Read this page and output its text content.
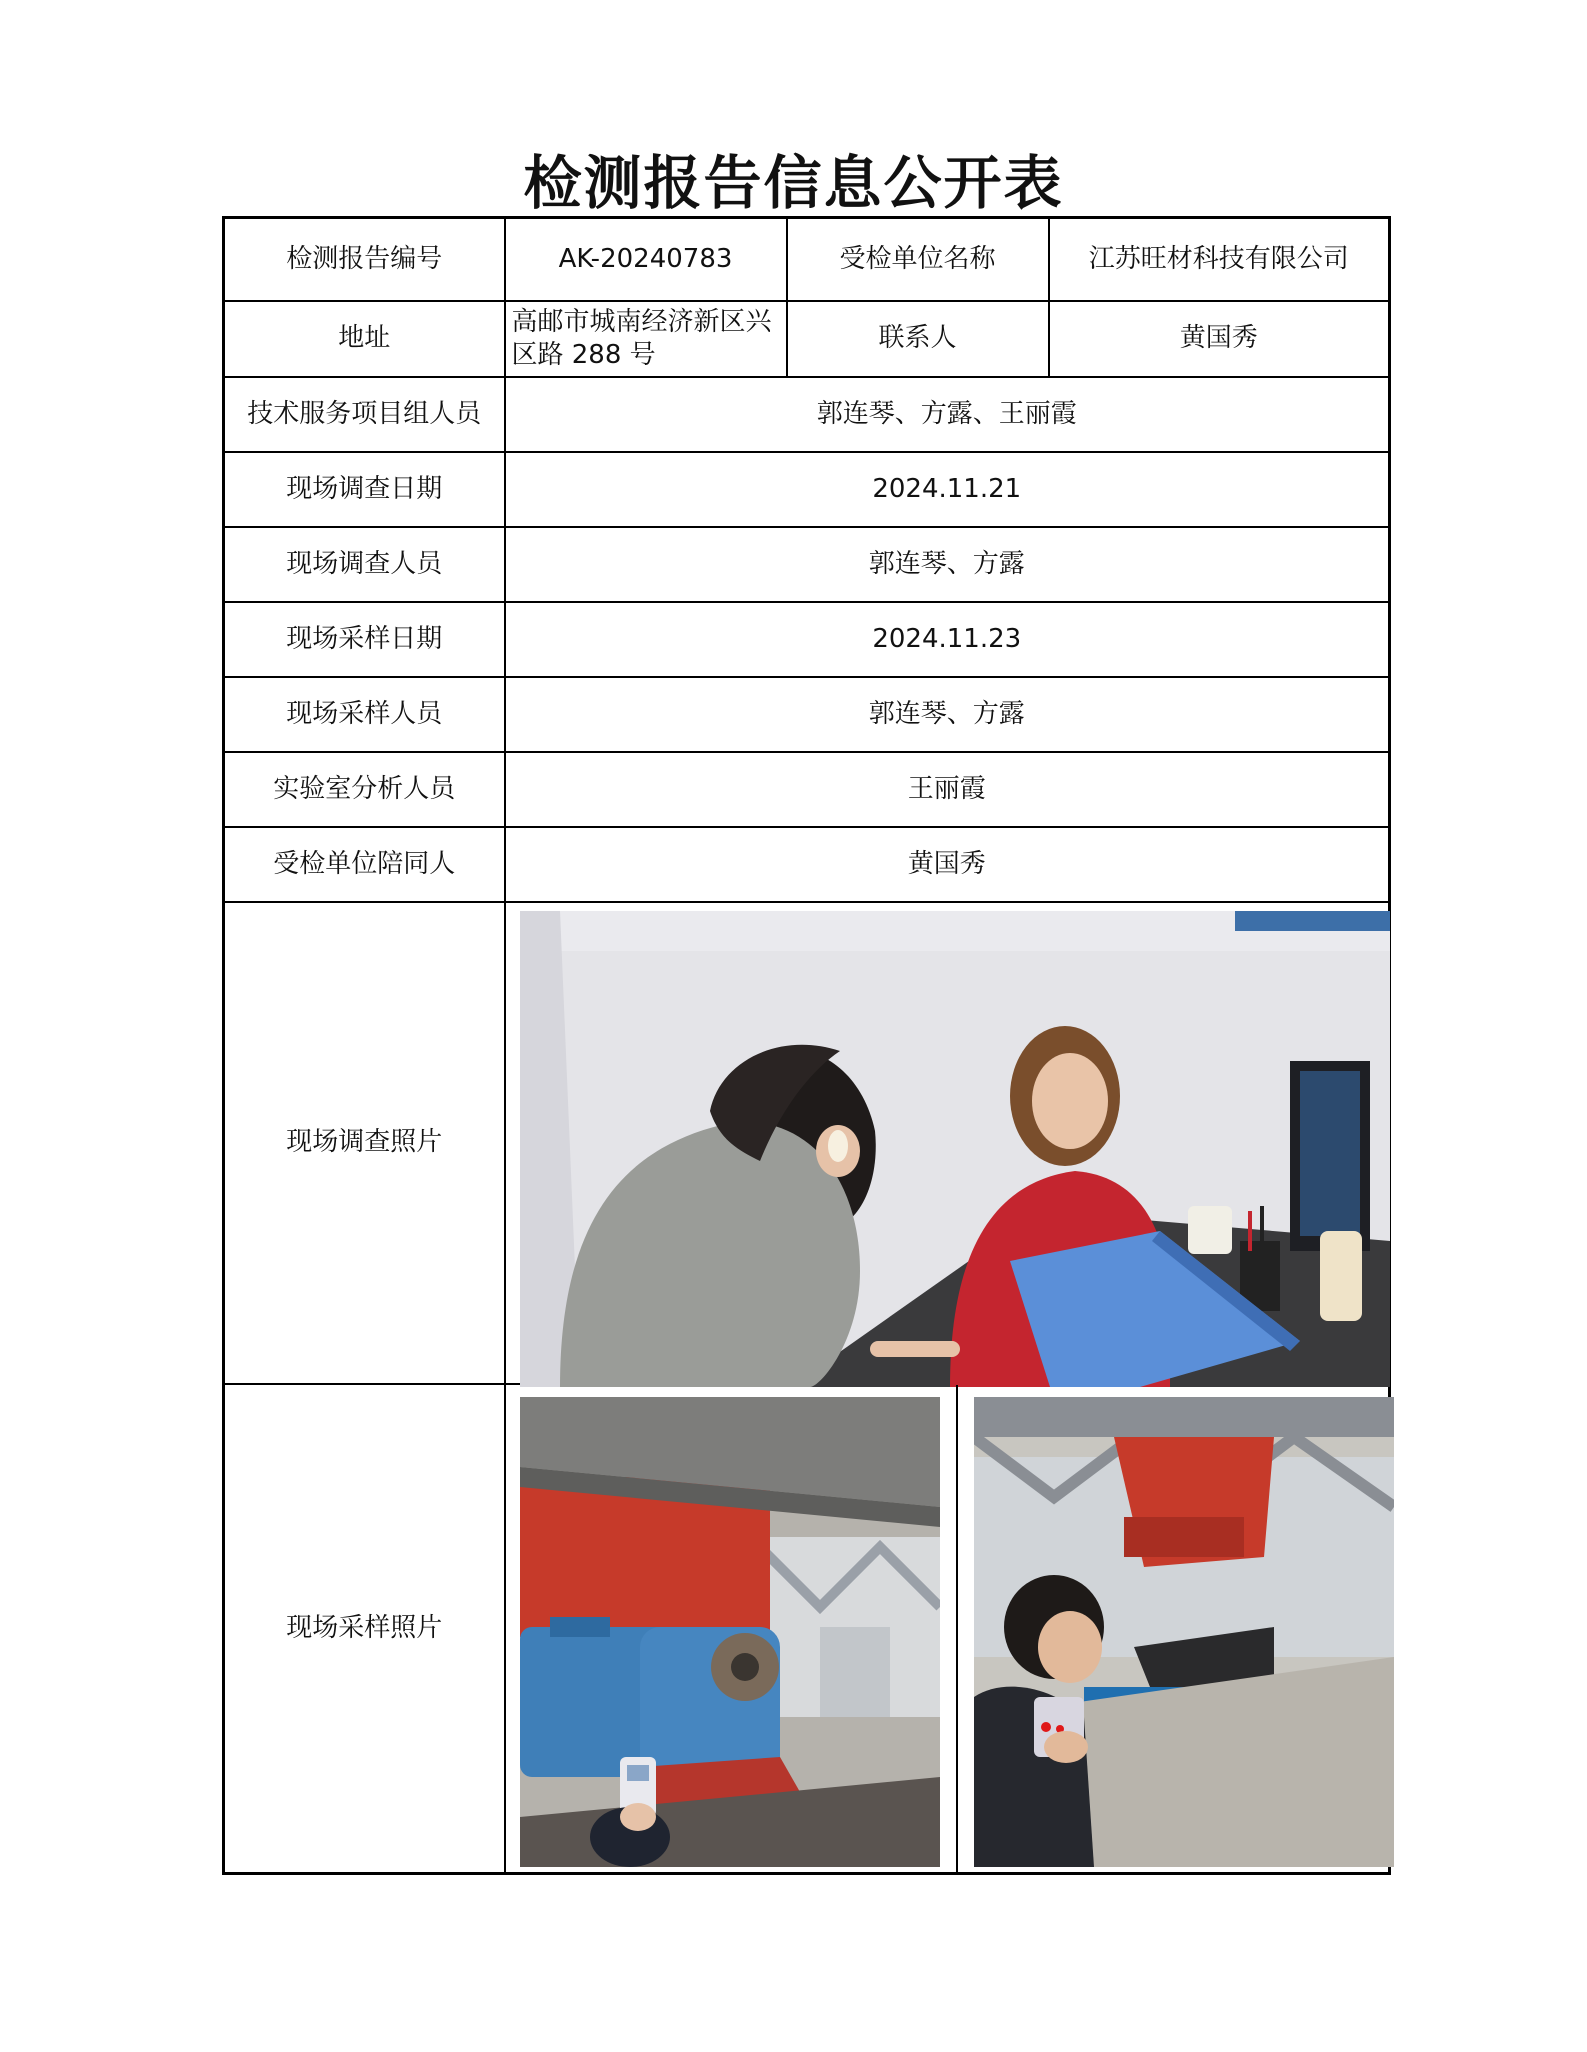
检测报告信息公开表
检测报告编号	AK-20240783	受检单位名称	江苏旺材科技有限公司
地址	高邮市城南经济新区兴区路 288 号	联系人	黄国秀
技术服务项目组人员	郭连琴、方露、王丽霞		
现场调查日期	2024.11.21		
现场调查人员	郭连琴、方露		
现场采样日期	2024.11.23		
现场采样人员	郭连琴、方露		
实验室分析人员	王丽霞		
受检单位陪同人	黄国秀		
现场调查照片	

现场采样照片	
